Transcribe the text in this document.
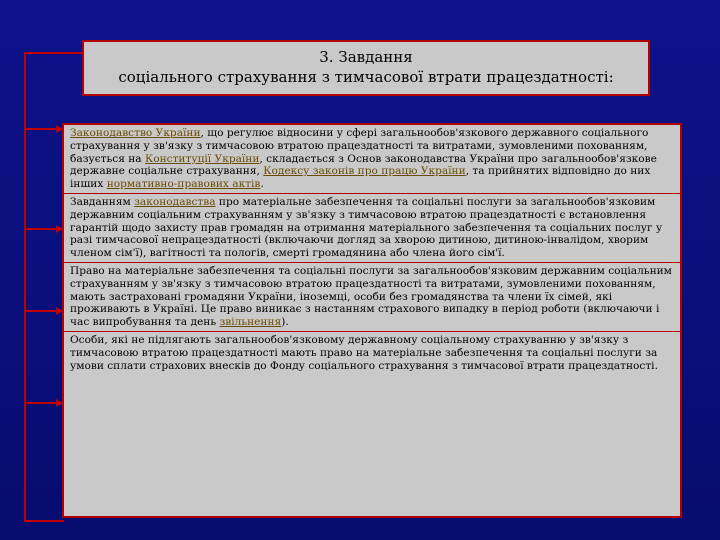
3. Завдання
соціального страхування з тимчасової втрати працездатності:
Законодавство України, що регулює відносини у сфері загальнообов'язкового державного соціального страхування у зв'язку з тимчасовою втратою працездатності та витратами, зумовленими похованням, базується на Конституції України, складається з Основ законодавства України про загальнообов'язкове державне соціальне страхування, Кодексу законів про працю України, та прийнятих відповідно до них інших нормативно-правових актів.
Завданням законодавства про матеріальне забезпечення та соціальні послуги за загальнообов'язковим державним соціальним страхуванням у зв'язку з тимчасовою втратою працездатності є встановлення гарантій щодо захисту прав громадян на отримання матеріального забезпечення та соціальних послуг у разі тимчасової непрацездатності (включаючи догляд за хворою дитиною, дитиною-інвалідом, хворим членом сім'ї), вагітності та пологів, смерті громадянина або члена його сім'ї.
Право на матеріальне забезпечення та соціальні послуги за загальнообов'язковим державним соціальним страхуванням у зв'язку з тимчасовою втратою працездатності та витратами, зумовленими похованням, мають застраховані громадяни України, іноземці, особи без громадянства та члени їх сімей, які проживають в Україні. Це право виникає з настанням страхового випадку в період роботи (включаючи і час випробування та день звільнення).
Особи, які не підлягають загальнообов'язковому державному соціальному страхуванню у зв'язку з тимчасовою втратою працездатності мають право на матеріальне забезпечення та соціальні послуги за умови сплати страхових внесків до Фонду соціального страхування з тимчасової втрати працездатності.
